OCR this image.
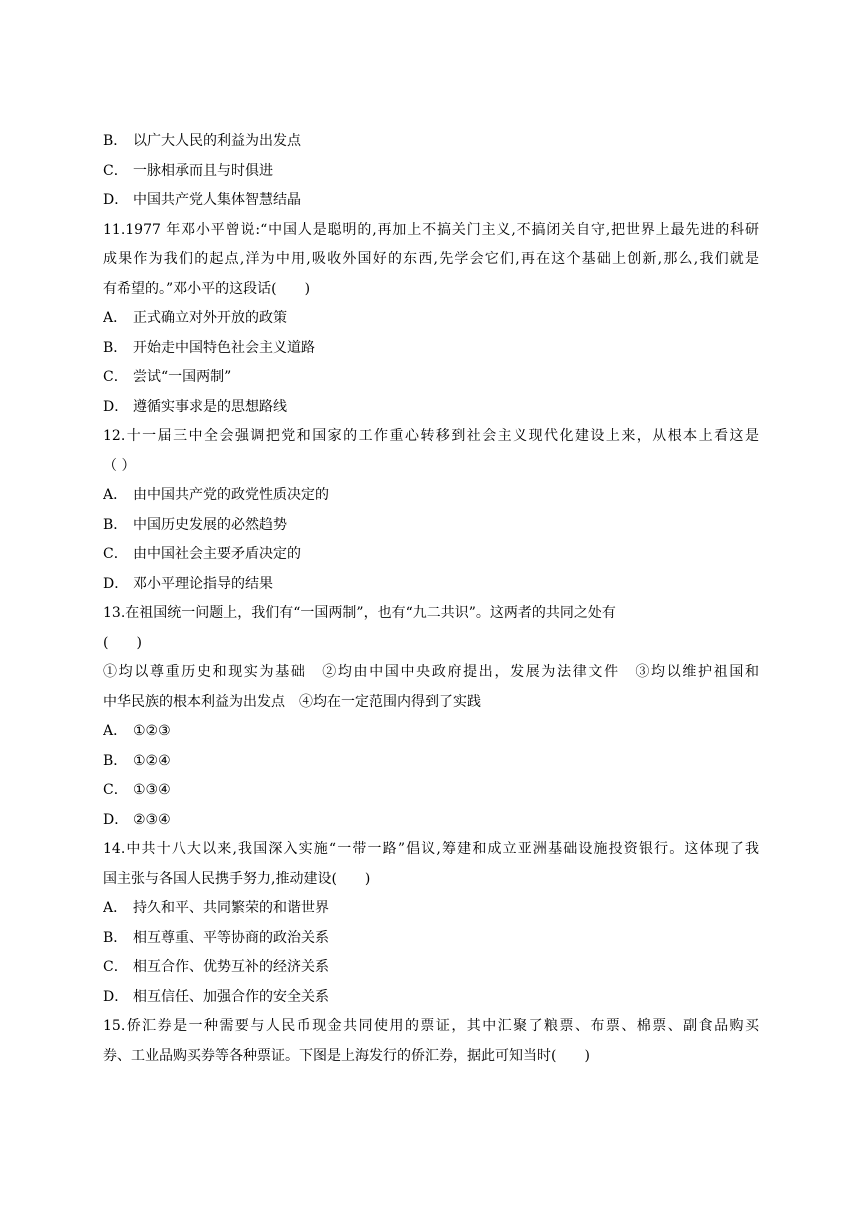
B． 以广大人民的利益为出发点
C． 一脉相承而且与时俱进
D． 中国共产党人集体智慧结晶
11.1977 年邓小平曾说:“中国人是聪明的,再加上不搞关门主义,不搞闭关自守,把世界上最先进的科研
成果作为我们的起点,洋为中用,吸收外国好的东西,先学会它们,再在这个基础上创新,那么,我们就是
有希望的。”邓小平的这段话(　　)
A． 正式确立对外开放的政策
B． 开始走中国特色社会主义道路
C． 尝试“一国两制”
D． 遵循实事求是的思想路线
12.十一届三中全会强调把党和国家的工作重心转移到社会主义现代化建设上来，从根本上看这是
（ ）
A． 由中国共产党的政党性质决定的
B． 中国历史发展的必然趋势
C． 由中国社会主要矛盾决定的
D． 邓小平理论指导的结果
13.在祖国统一问题上，我们有“一国两制”，也有“九二共识”。这两者的共同之处有
(　　)
①均以尊重历史和现实为基础　②均由中国中央政府提出，发展为法律文件　③均以维护祖国和
中华民族的根本利益为出发点　④均在一定范围内得到了实践
A． ①②③
B． ①②④
C． ①③④
D． ②③④
14.中共十八大以来,我国深入实施“一带一路”倡议,筹建和成立亚洲基础设施投资银行。这体现了我
国主张与各国人民携手努力,推动建设(　　)
A． 持久和平、共同繁荣的和谐世界
B． 相互尊重、平等协商的政治关系
C． 相互合作、优势互补的经济关系
D． 相互信任、加强合作的安全关系
15.侨汇券是一种需要与人民币现金共同使用的票证，其中汇聚了粮票、布票、棉票、副食品购买
券、工业品购买券等各种票证。下图是上海发行的侨汇券，据此可知当时(　　)
